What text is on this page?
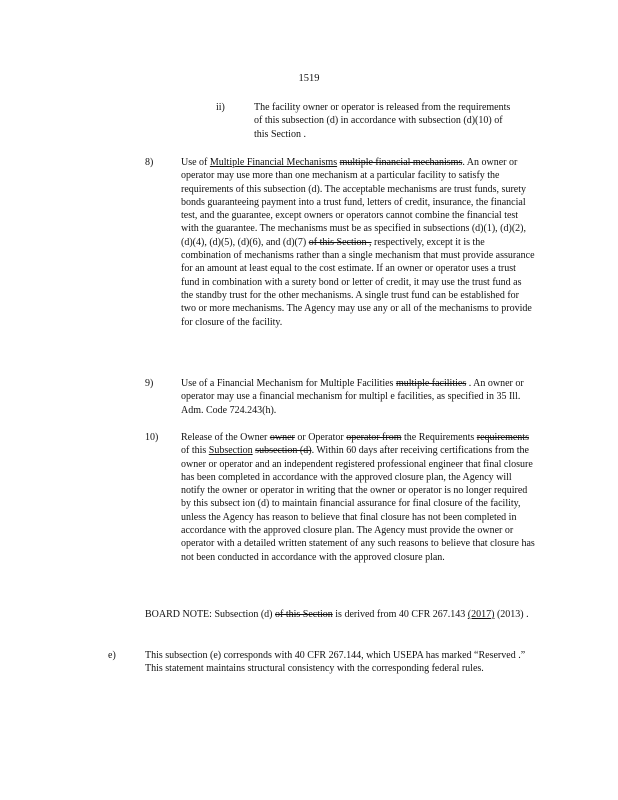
1519
ii)	The facility owner or operator is released from the requirements of this subsection (d) in accordance with subsection (d)(10) of this Section .
8)	Use of Multiple Financial Mechanisms multiple financial mechanisms. An owner or operator may use more than one mechanism at a particular facility to satisfy the requirements of this subsection (d). The acceptable mechanisms are trust funds, surety bonds guaranteeing payment into a trust fund, letters of credit, insurance, the financial test, and the guarantee, except owners or operators cannot combine the financial test with the guarantee. The mechanisms must be as specified in subsections (d)(1), (d)(2), (d)(4), (d)(5), (d)(6), and (d)(7) of this Section , respectively, except it is the combination of mechanisms rather than a single mechanism that must provide assurance for an amount at least equal to the cost estimate. If an owner or operator uses a trust fund in combination with a surety bond or letter of credit, it may use the trust fund as the standby trust for the other mechanisms. A single trust fund can be established for two or more mechanisms. The Agency may use any or all of the mechanisms to provide for closure of the facility.
9)	Use of a Financial Mechanism for Multiple Facilities multiple facilities . An owner or operator may use a financial mechanism for multipl e facilities, as specified in 35 Ill. Adm. Code 724.243(h).
10) Release of the Owner owner or Operator operator from the Requirements requirements of this Subsection subsection (d). Within 60 days after receiving certifications from the owner or operator and an independent registered professional engineer that final closure has been completed in accordance with the approved closure plan, the Agency will notify the owner or operator in writing that the owner or operator is no longer required by this subsect ion (d) to maintain financial assurance for final closure of the facility, unless the Agency has reason to believe that final closure has not been completed in accordance with the approved closure plan. The Agency must provide the owner or operator with a detailed written statement of any such reasons to believe that closure has not been conducted in accordance with the approved closure plan.
BOARD NOTE: Subsection (d) of this Section is derived from 40 CFR 267.143 (2017) (2013) .
e)	This subsection (e) corresponds with 40 CFR 267.144, which USEPA has marked “Reserved .” This statement maintains structural consistency with the corresponding federal rules.
